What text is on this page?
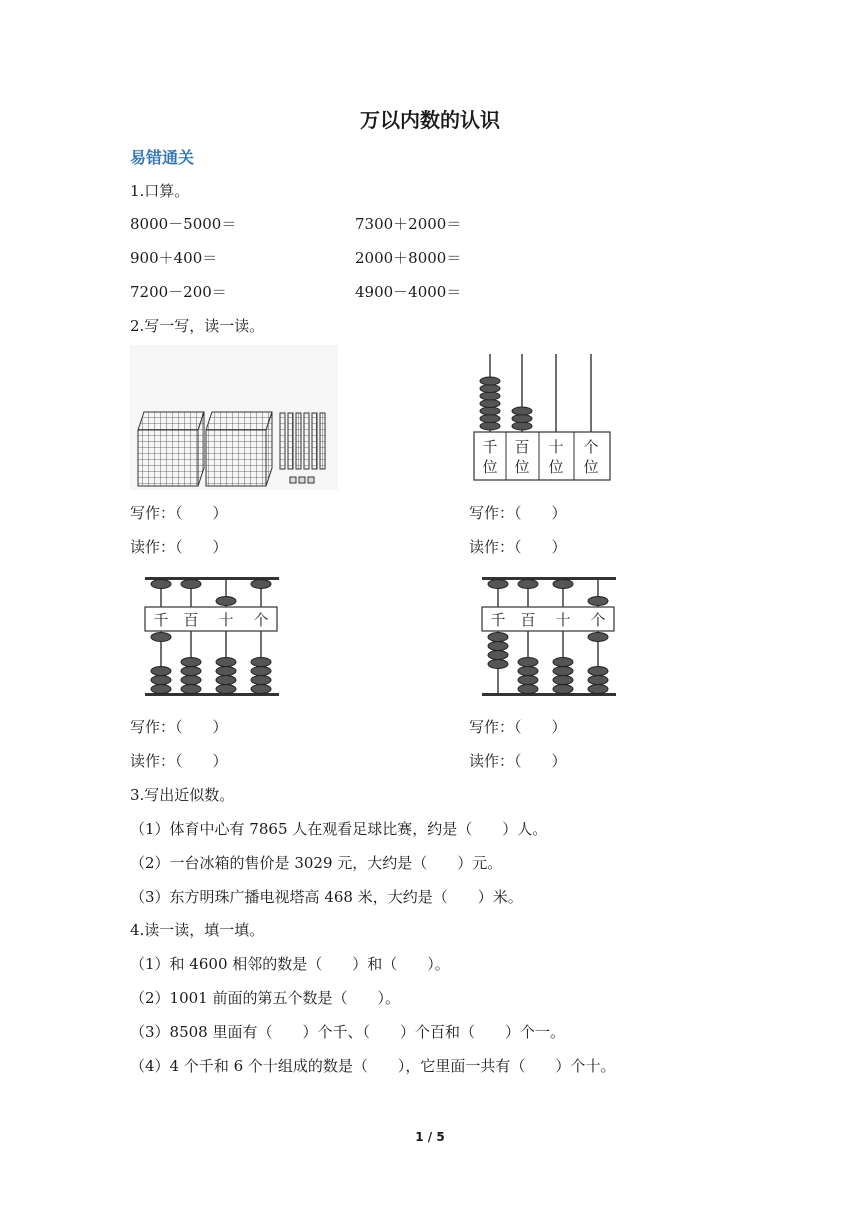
万以内数的认识
易错通关
1.口算。
8000－5000＝	7300＋2000＝
900＋400＝	2000＋8000＝
7200－200＝	4900－4000＝
2.写一写，读一读。
千
位
百
位
十
位
个
位
写作：（　　）	写作：（　　）
读作：（　　）	读作：（　　）
千 百 十 个	千 百 十 个
写作：（　　）	写作：（　　）
读作：（　　）	读作：（　　）
3.写出近似数。
（1）体育中心有 7865 人在观看足球比赛，约是（　　）人。
（2）一台冰箱的售价是 3029 元，大约是（　　）元。
（3）东方明珠广播电视塔高 468 米，大约是（　　）米。
4.读一读，填一填。
（1）和 4600 相邻的数是（　　）和（　　）。
（2）1001 前面的第五个数是（　　）。
（3）8508 里面有（　　）个千、（　　）个百和（　　）个一。
（4）4 个千和 6 个十组成的数是（　　），它里面一共有（　　）个十。
1 / 5
